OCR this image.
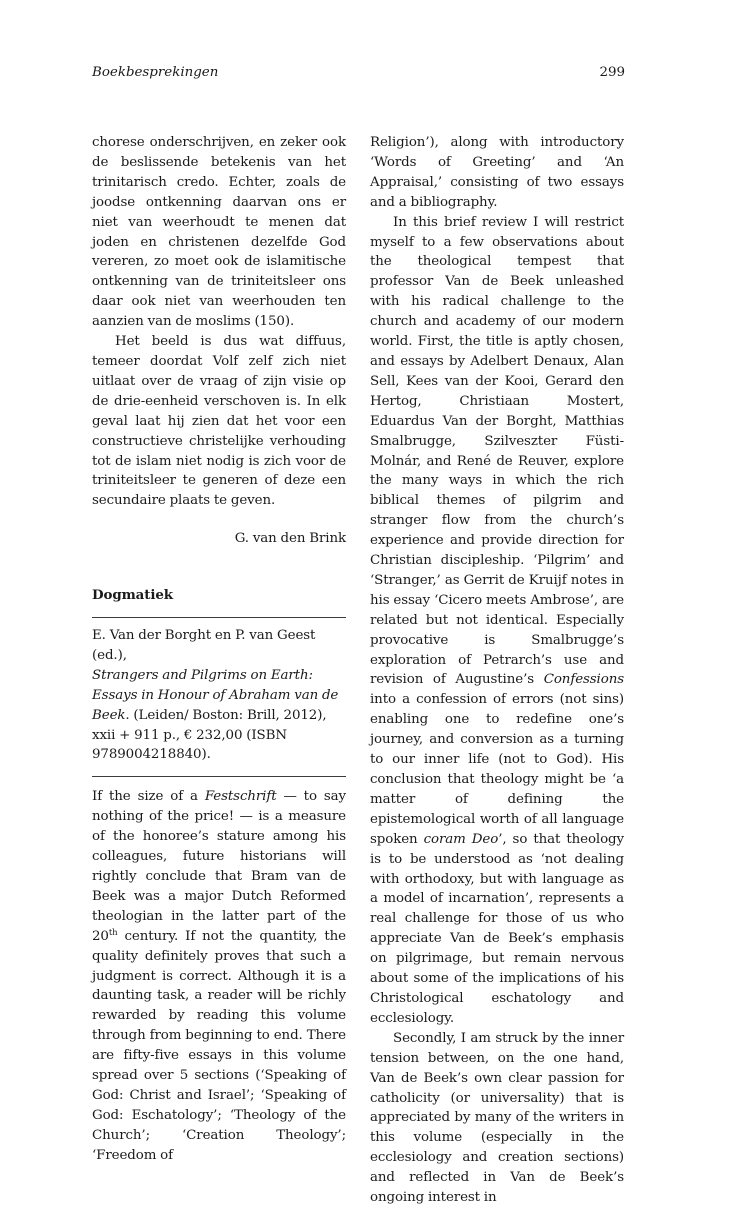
Boekbesprekingen	299

chorese onderschrijven, en zeker ook de beslissende betekenis van het trinitarisch credo. Echter, zoals de joodse ontkenning daarvan ons er niet van weerhoudt te menen dat joden en christenen dezelfde God vereren, zo moet ook de islamitische ontkenning van de triniteitsleer ons daar ook niet van weerhouden ten aanzien van de moslims (150).

Het beeld is dus wat diffuus, temeer doordat Volf zelf zich niet uitlaat over de vraag of zijn visie op de drie-eenheid verschoven is. In elk geval laat hij zien dat het voor een constructieve christelijke verhouding tot de islam niet nodig is zich voor de triniteitsleer te generen of deze een secundaire plaats te geven.

G. van den Brink

Dogmatiek

E. Van der Borght en P. van Geest (ed.),
Strangers and Pilgrims on Earth: Essays in Honour of Abraham van de Beek. (Leiden/ Boston: Brill, 2012), xxii + 911 p., € 232,00 (ISBN 9789004218840).

If the size of a Festschrift — to say nothing of the price! — is a measure of the honoree’s stature among his colleagues, future historians will rightly conclude that Bram van de Beek was a major Dutch Reformed theologian in the latter part of the 20th century. If not the quantity, the quality definitely proves that such a judgment is correct. Although it is a daunting task, a reader will be richly rewarded by reading this volume through from beginning to end. There are fifty-five essays in this volume spread over 5 sections (‘Speaking of God: Christ and Israel’; ‘Speaking of God: Eschatology’; ‘Theology of the Church’; ‘Creation Theology’; ‘Freedom of

Religion’), along with introductory ‘Words of Greeting’ and ‘An Appraisal,’ consisting of two essays and a bibliography.

In this brief review I will restrict myself to a few observations about the theological tempest that professor Van de Beek unleashed with his radical challenge to the church and academy of our modern world. First, the title is aptly chosen, and essays by Adelbert Denaux, Alan Sell, Kees van der Kooi, Gerard den Hertog, Christiaan Mostert, Eduardus Van der Borght, Matthias Smalbrugge, Szilveszter Füsti-Molnár, and René de Reuver, explore the many ways in which the rich biblical themes of pilgrim and stranger flow from the church’s experience and provide direction for Christian discipleship. ‘Pilgrim’ and ‘Stranger,’ as Gerrit de Kruijf notes in his essay ‘Cicero meets Ambrose’, are related but not identical. Especially provocative is Smalbrugge’s exploration of Petrarch’s use and revision of Augustine’s Confessions into a confession of errors (not sins) enabling one to redefine one’s journey, and conversion as a turning to our inner life (not to God). His conclusion that theology might be ‘a matter of defining the epistemological worth of all language spoken coram Deo’, so that theology is to be understood as ‘not dealing with orthodoxy, but with language as a model of incarnation’, represents a real challenge for those of us who appreciate Van de Beek’s emphasis on pilgrimage, but remain nervous about some of the implications of his Christological eschatology and ecclesiology.

Secondly, I am struck by the inner tension between, on the one hand, Van de Beek’s own clear passion for catholicity (or universality) that is appreciated by many of the writers in this volume (especially in the ecclesiology and creation sections) and reflected in Van de Beek’s ongoing interest in
